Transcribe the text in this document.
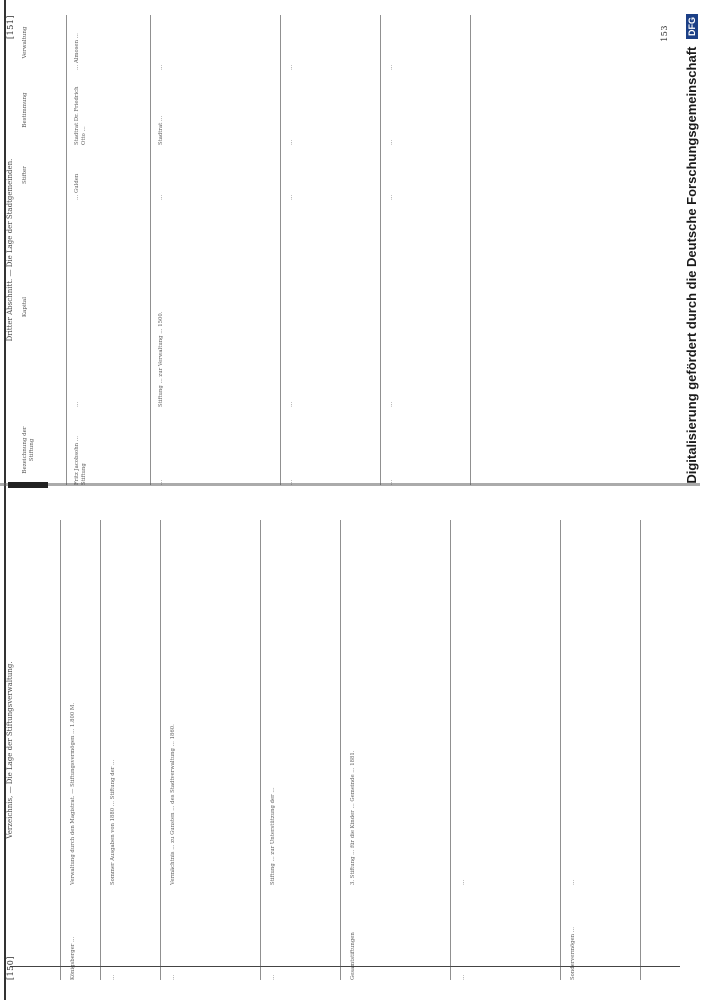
[150]
Verzeichnis, — Die Lage der Stiftungsverwaltung.
Königsberger …
Verwaltung durch den Magistrat. — Stiftungsvermögen … 1.800 M.
…
Sommer Ausgaben von 1880 … Stiftung der …
…
Vermächtnis … zu Gunsten … des Stadtverwaltung … 1860.
…
Stiftung … zur Unterstützung der …
Gesamtstiftungen
3. Stiftung … für die Kinder … Gemeinde … 1881.
…
…
Sondervermögen …
…
Dritter Abschnitt. — Die Lage der Stadtgemeinden.
[151]
Bezeichnung der Stiftung
Kapital
Stifter
Bestimmung
Verwaltung
Fritz Jacobsohn … Stiftung
…
… Gulden
Stadtrat Dr. Friedrich Otto …
… Almosen …
…
Stiftung … zur Verwaltung … 1500.
…
Stadtrat …
…
…
…
…
…
…
…
…
…
…
…
153
Digitalisierung gefördert durch die Deutsche Forschungsgemeinschaft DFG
